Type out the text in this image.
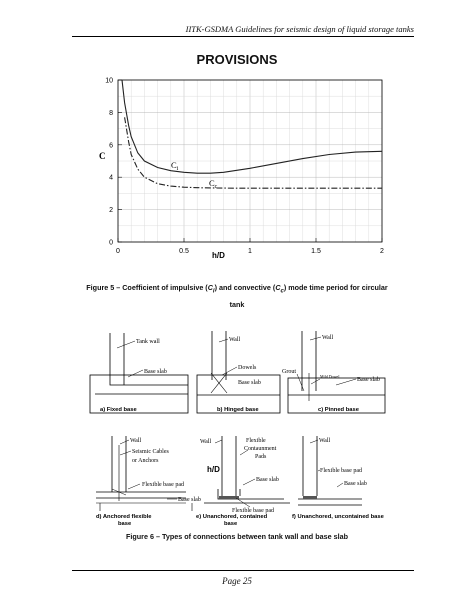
IITK-GSDMA Guidelines for seismic design of liquid storage tanks
PROVISIONS
0	0.5	1	1.5	2
0
2
4
6
8
10
C
h/D
$C_i$
$C_c$
Figure 5 – Coefficient of impulsive $(C_i)$ and convective $(C_c)$ mode time period for circular
tank
Tank wall
Base slab
a) Fixed base
Wall
Dowels
Base slab
b) Hinged base
Wall
Grout
Mild Dowel
Base slab
c) Pinned base
Wall
Seismic Cables
or Anchors
Flexible base pad
Base slab
d) Anchored flexible
base
h/D
Wall	Flexible
Contaunment
Pads
Base slab
Flexible base pad
e) Unanchored, contained
base
Wall
Flexible base pad
Base slab
f) Unanchored, uncontained base
Figure 6 – Types of connections between tank wall and base slab
Page 25
